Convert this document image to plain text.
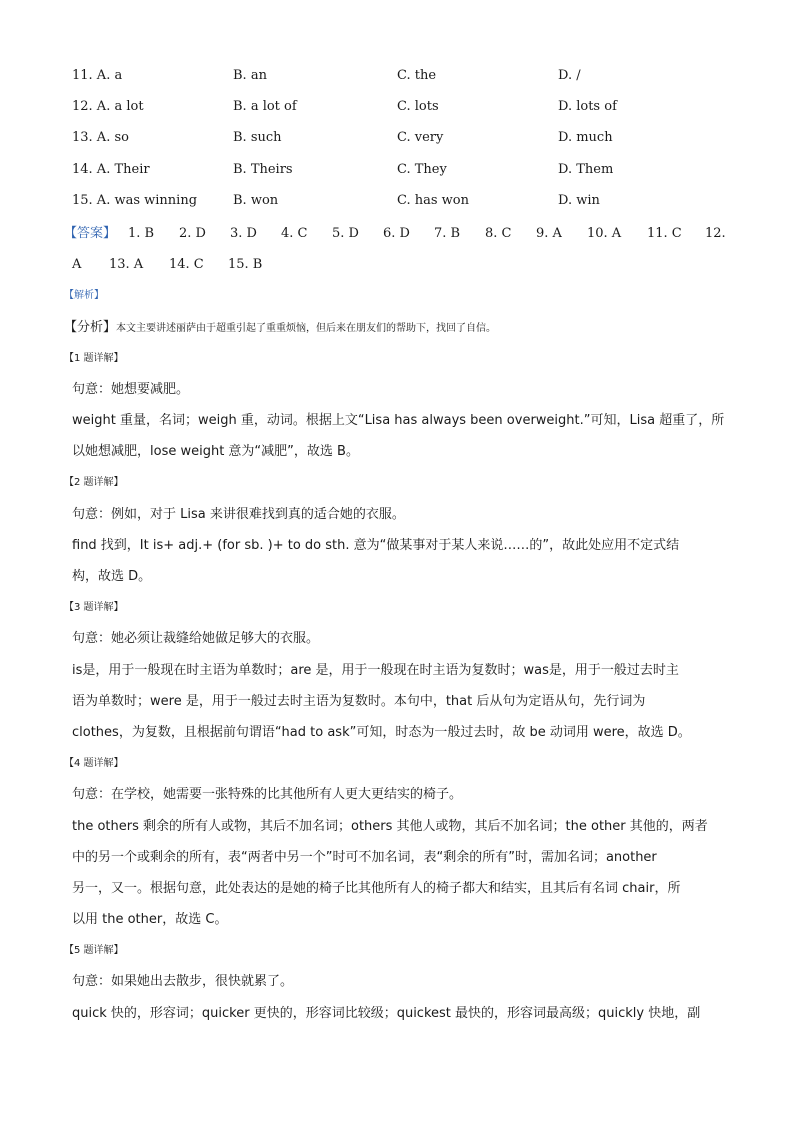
11. A. a	B. an	C. the	D. /
12. A. a lot	B. a lot of	C. lots	D. lots of
13. A. so	B. such	C. very	D. much
14. A. Their	B. Theirs	C. They	D. Them
15. A. was winning	B. won	C. has won	D. win
【答案】 1. B 2. D 3. D 4. C 5. D 6. D 7. B 8. C 9. A 10. A 11. C 12.
A 13. A 14. C 15. B
【解析】
【分析】本文主要讲述丽萨由于超重引起了重重烦恼，但后来在朋友们的帮助下，找回了自信。
【1 题详解】
句意：她想要减肥。
weight 重量，名词；weigh 重，动词。根据上文“Lisa has always been overweight.”可知，Lisa 超重了，所
以她想减肥，lose weight 意为“减肥”，故选 B。
【2 题详解】
句意：例如，对于 Lisa 来讲很难找到真的适合她的衣服。
find 找到，It is+ adj.+ (for sb. )+ to do sth. 意为“做某事对于某人来说……的”，故此处应用不定式结
构，故选 D。
【3 题详解】
句意：她必须让裁缝给她做足够大的衣服。
is是，用于一般现在时主语为单数时；are 是，用于一般现在时主语为复数时；was是，用于一般过去时主
语为单数时；were 是，用于一般过去时主语为复数时。本句中，that 后从句为定语从句，先行词为
clothes，为复数，且根据前句谓语“had to ask”可知，时态为一般过去时，故 be 动词用 were，故选 D。
【4 题详解】
句意：在学校，她需要一张特殊的比其他所有人更大更结实的椅子。
the others 剩余的所有人或物，其后不加名词；others 其他人或物，其后不加名词；the other 其他的，两者
中的另一个或剩余的所有，表“两者中另一个”时可不加名词，表“剩余的所有”时，需加名词；another
另一，又一。根据句意，此处表达的是她的椅子比其他所有人的椅子都大和结实，且其后有名词 chair，所
以用 the other，故选 C。
【5 题详解】
句意：如果她出去散步，很快就累了。
quick 快的，形容词；quicker 更快的，形容词比较级；quickest 最快的，形容词最高级；quickly 快地，副
